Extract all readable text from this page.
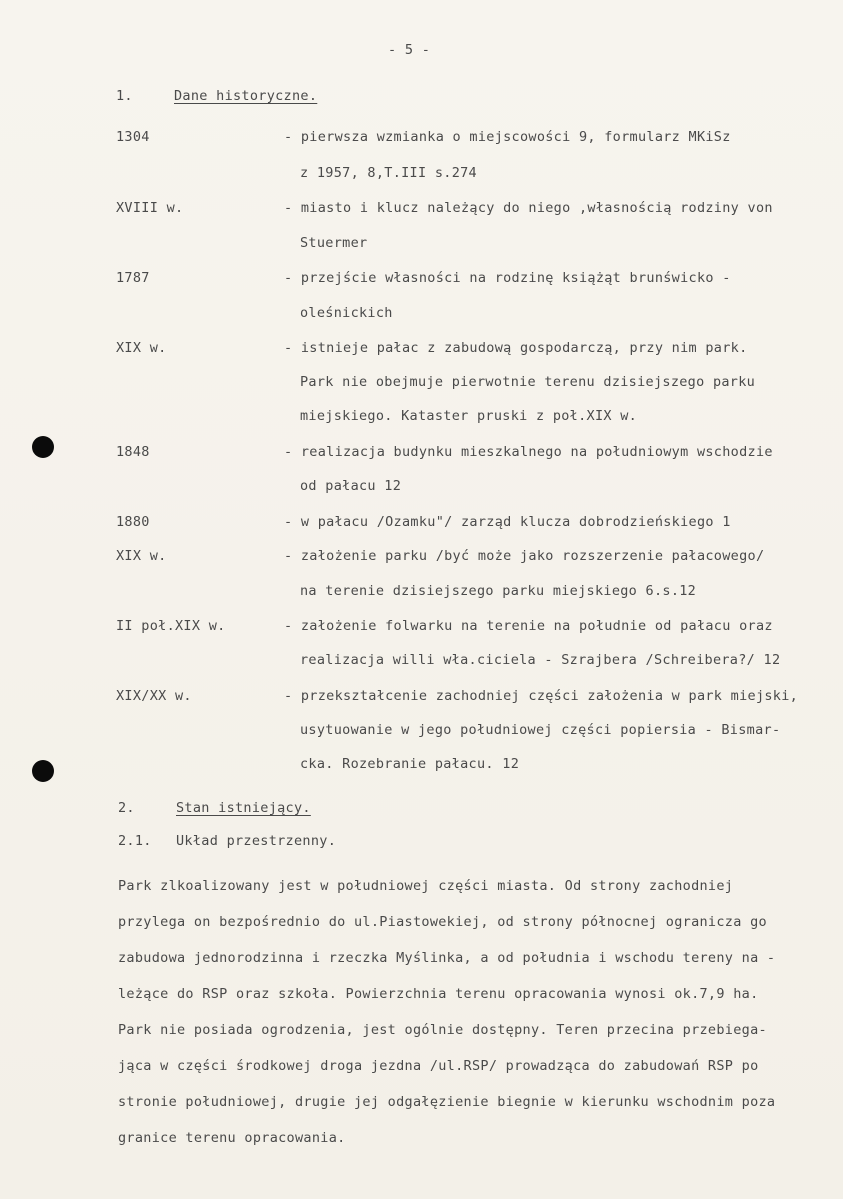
- 5 -
1.	Dane historyczne.
1304	- pierwsza wzmianka o miejscowości 9, formularz MKiSz
z 1957, 8,T.III s.274
XVIII w.	- miasto i klucz należący do niego ,własnością rodziny von
Stuermer
1787	- przejście własności na rodzinę książąt brunświcko -
oleśnickich
XIX w.	- istnieje pałac z zabudową gospodarczą, przy nim park.
Park nie obejmuje pierwotnie terenu dzisiejszego parku
miejskiego. Kataster pruski z poł.XIX w.
1848	- realizacja budynku mieszkalnego na południowym wschodzie
od pałacu 12
1880	- w pałacu /Ozamku"/ zarząd klucza dobrodzieńskiego 1
XIX w.	- założenie parku /być może jako rozszerzenie pałacowego/
na terenie dzisiejszego parku miejskiego 6.s.12
II poł.XIX w.	- założenie folwarku na terenie na południe od pałacu oraz
realizacja willi wła.ciciela - Szrajbera /Schreibera?/ 12
XIX/XX w.	- przekształcenie zachodniej części założenia w park miejski,
usytuowanie w jego południowej części popiersia - Bismar-
cka. Rozebranie pałacu. 12
2.	Stan istniejący.
2.1. Układ przestrzenny.
Park zlkoalizowany jest w południowej części miasta. Od strony zachodniej
przylega on bezpośrednio do ul.Piastowekiej, od strony północnej ogranicza go
zabudowa jednorodzinna i rzeczka Myślinka, a od południa i wschodu tereny na -
leżące do RSP oraz szkoła. Powierzchnia terenu opracowania wynosi ok.7,9 ha.
Park nie posiada ogrodzenia, jest ogólnie dostępny. Teren przecina przebiega-
jąca w części środkowej droga jezdna /ul.RSP/ prowadząca do zabudowań RSP po
stronie południowej, drugie jej odgałęzienie biegnie w kierunku wschodnim poza
granice terenu opracowania.
